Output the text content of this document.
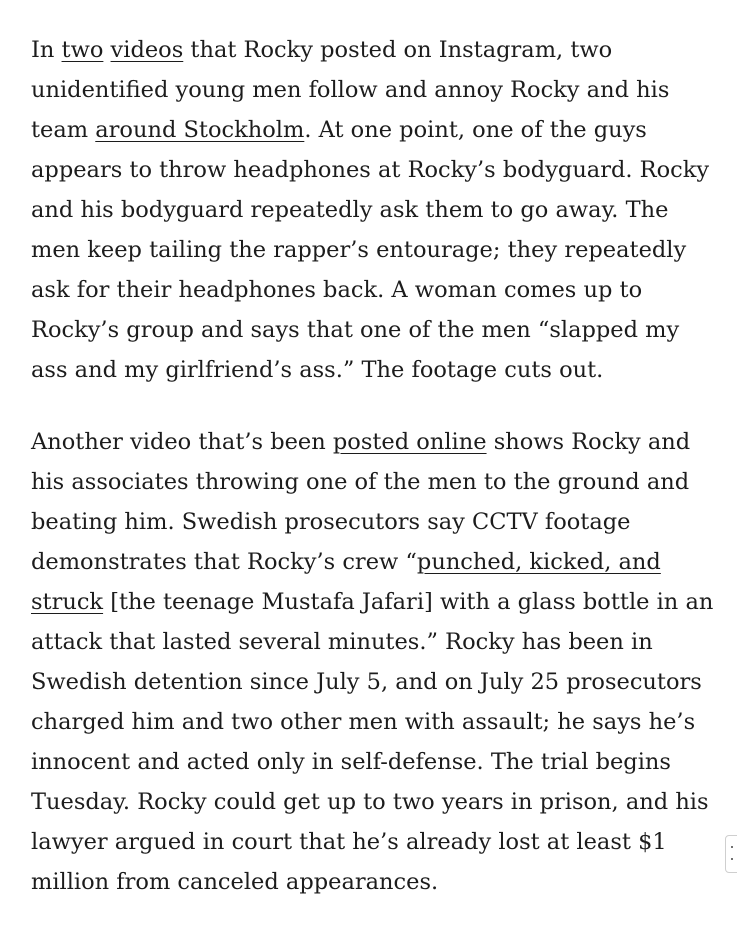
In two videos that Rocky posted on Instagram, two unidentified young men follow and annoy Rocky and his team around Stockholm. At one point, one of the guys appears to throw headphones at Rocky’s bodyguard. Rocky and his bodyguard repeatedly ask them to go away. The men keep tailing the rapper’s entourage; they repeatedly ask for their headphones back. A woman comes up to Rocky’s group and says that one of the men “slapped my ass and my girlfriend’s ass.” The footage cuts out.

Another video that’s been posted online shows Rocky and his associates throwing one of the men to the ground and beating him. Swedish prosecutors say CCTV footage demonstrates that Rocky’s crew “punched, kicked, and struck [the teenage Mustafa Jafari] with a glass bottle in an attack that lasted several minutes.” Rocky has been in Swedish detention since July 5, and on July 25 prosecutors charged him and two other men with assault; he says he’s innocent and acted only in self-defense. The trial begins Tuesday. Rocky could get up to two years in prison, and his lawyer argued in court that he’s already lost at least $1 million from canceled appearances.
